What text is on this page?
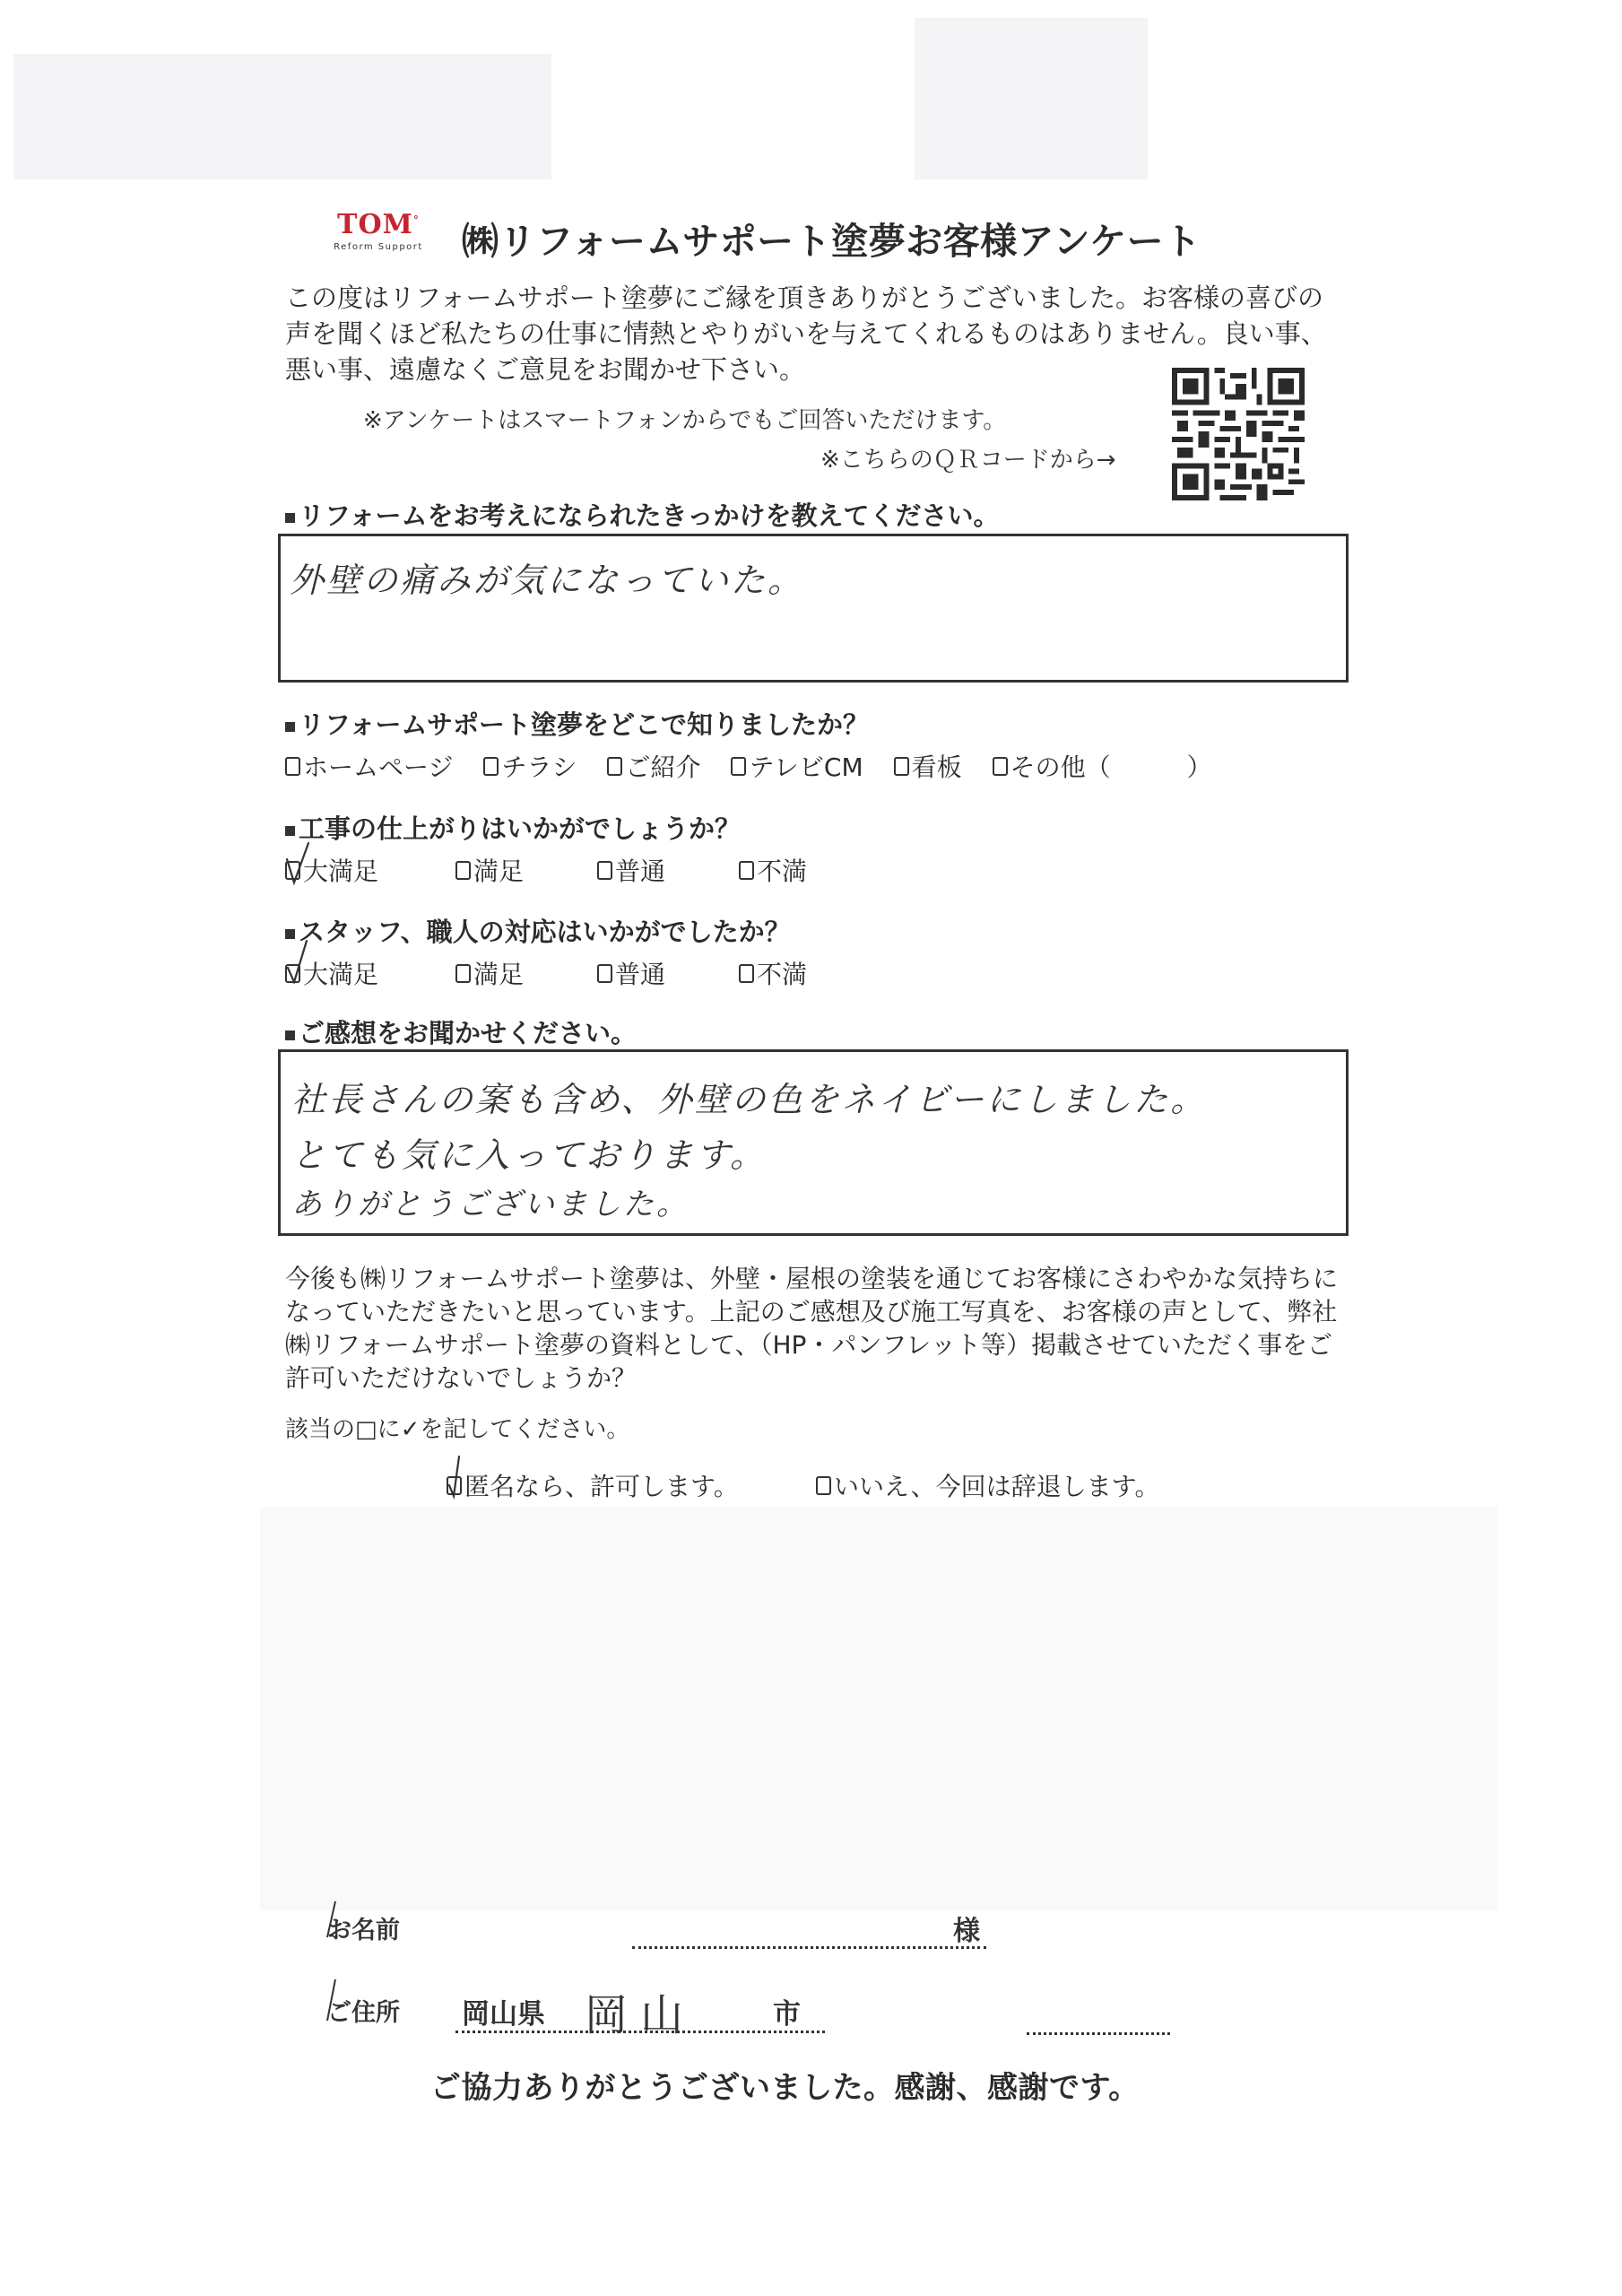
TOM°
Reform Support ㈱リフォームサポート塗夢お客様アンケート
この度はリフォームサポート塗夢にご縁を頂きありがとうございました。お客様の喜びの声を聞くほど私たちの仕事に情熱とやりがいを与えてくれるものはありません。良い事、悪い事、遠慮なくご意見をお聞かせ下さい。
※アンケートはスマートフォンからでもご回答いただけます。
※こちらのＱＲコードから→
リフォームをお考えになられたきっかけを教えてください。
外壁の痛みが気になっていた。
リフォームサポート塗夢をどこで知りましたか？
ホームページ チラシ ご紹介 テレビCM 看板 その他（	）
工事の仕上がりはいかがでしょうか？
大満足	満足	普通	不満
スタッフ、職人の対応はいかがでしたか？
大満足	満足	普通	不満
ご感想をお聞かせください。
社長さんの案も含め、外壁の色をネイビーにしました。
とても気に入っております。
ありがとうございました。
今後も㈱リフォームサポート塗夢は、外壁・屋根の塗装を通じてお客様にさわやかな気持ちになっていただきたいと思っています。上記のご感想及び施工写真を、お客様の声として、弊社㈱リフォームサポート塗夢の資料として、（HP・パンフレット等）掲載させていただく事をご許可いただけないでしょうか？
該当の□に✓を記してください。
匿名なら、許可します。	いいえ、今回は辞退します。
お名前	様
ご住所 岡山県 岡山	市
ご協力ありがとうございました。感謝、感謝です。
